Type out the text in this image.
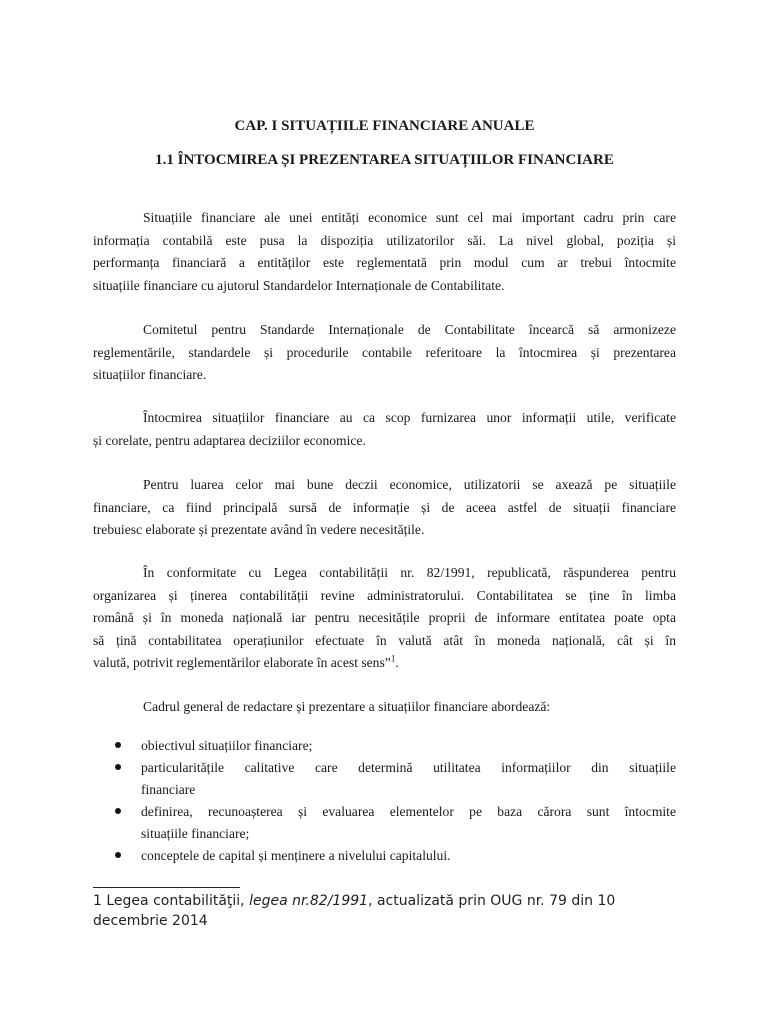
CAP. I SITUAȚIILE FINANCIARE ANUALE
1.1 ÎNTOCMIREA ȘI PREZENTAREA SITUAȚIILOR FINANCIARE

Situațiile financiare ale unei entități economice sunt cel mai important cadru prin care
informația contabilă este pusa la dispoziția utilizatorilor săi. La nivel global, poziția și
performanța financiară a entităților este reglementată prin modul cum ar trebui întocmite
situațiile financiare cu ajutorul Standardelor Internaționale de Contabilitate.

Comitetul pentru Standarde Internaționale de Contabilitate încearcă să armonizeze
reglementările, standardele și procedurile contabile referitoare la întocmirea și prezentarea
situațiilor financiare.

Întocmirea situațiilor financiare au ca scop furnizarea unor informații utile, verificate
și corelate, pentru adaptarea deciziilor economice.

Pentru luarea celor mai bune deczii economice, utilizatorii se axează pe situațiile
financiare, ca fiind principală sursă de informație și de aceea astfel de situații financiare
trebuiesc elaborate și prezentate având în vedere necesitățile.

În conformitate cu Legea contabilității nr. 82/1991, republicată, răspunderea pentru
organizarea și ținerea contabilității revine administratorului. Contabilitatea se ține în limba
română și în moneda națională iar pentru necesitățile proprii de informare entitatea poate opta
să țină contabilitatea operațiunilor efectuate în valută atât în moneda națională, cât și în
valută, potrivit reglementărilor elaborate în acest sens”$^1$.

Cadrul general de redactare și prezentare a situațiilor financiare abordează:

obiectivul situațiilor financiare;
particularitățile calitative care determină utilitatea informațiilor din situațiile
financiare
definirea, recunoașterea și evaluarea elementelor pe baza cărora sunt întocmite
situațiile financiare;
conceptele de capital și menținere a nivelului capitalului.

1 Legea contabilităţii, legea nr.82/1991, actualizată prin OUG nr. 79 din 10
decembrie 2014
